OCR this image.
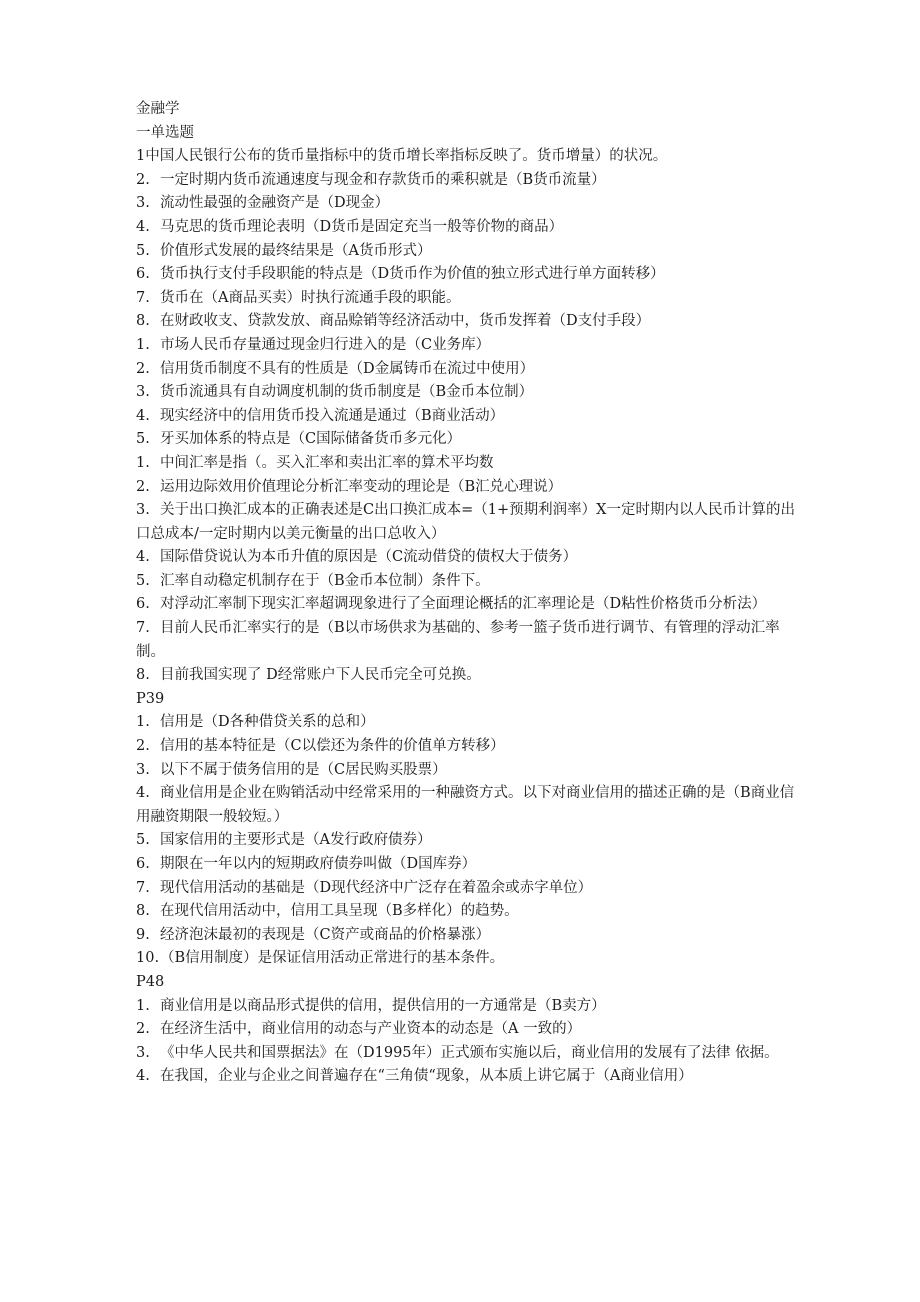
金融学

一单选题

1中国人民银行公布的货币量指标中的货币增长率指标反映了。货币增量）的状况。

2. 一定时期内货币流通速度与现金和存款货币的乘积就是（B货币流量）

3. 流动性最强的金融资产是（D现金）

4. 马克思的货币理论表明（D货币是固定充当一般等价物的商品）

5. 价值形式发展的最终结果是（A货币形式）

6. 货币执行支付手段职能的特点是（D货币作为价值的独立形式进行单方面转移）

7. 货币在（A商品买卖）时执行流通手段的职能。

8. 在财政收支、贷款发放、商品赊销等经济活动中，货币发挥着（D支付手段）

1. 市场人民币存量通过现金归行进入的是（C业务库）

2. 信用货币制度不具有的性质是（D金属铸币在流过中使用）

3. 货币流通具有自动调度机制的货币制度是（B金币本位制）

4. 现实经济中的信用货币投入流通是通过（B商业活动）

5. 牙买加体系的特点是（C国际储备货币多元化）

1. 中间汇率是指（。买入汇率和卖出汇率的算术平均数

2. 运用边际效用价值理论分析汇率变动的理论是（B汇兑心理说）

3. 关于出口换汇成本的正确表述是C出口换汇成本=（1+预期利润率）X一定时期内以人民币计算的出口总成本/一定时期内以美元衡量的出口总收入）

4. 国际借贷说认为本币升值的原因是（C流动借贷的债权大于债务）

5. 汇率自动稳定机制存在于（B金币本位制）条件下。

6. 对浮动汇率制下现实汇率超调现象进行了全面理论概括的汇率理论是（D粘性价格货币分析法）

7. 目前人民币汇率实行的是（B以市场供求为基础的、参考一篮子货币进行调节、有管理的浮动汇率制。

8. 目前我国实现了 D经常账户下人民币完全可兑换。

P39

1. 信用是（D各种借贷关系的总和）

2. 信用的基本特征是（C以偿还为条件的价值单方转移）

3. 以下不属于债务信用的是（C居民购买股票）

4. 商业信用是企业在购销活动中经常采用的一种融资方式。以下对商业信用的描述正确的是（B商业信用融资期限一般较短。）

5. 国家信用的主要形式是（A发行政府债券）

6. 期限在一年以内的短期政府债券叫做（D国库券）

7. 现代信用活动的基础是（D现代经济中广泛存在着盈余或赤字单位）

8. 在现代信用活动中，信用工具呈现（B多样化）的趋势。

9. 经济泡沫最初的表现是（C资产或商品的价格暴涨）

10.（B信用制度）是保证信用活动正常进行的基本条件。

P48

1. 商业信用是以商品形式提供的信用，提供信用的一方通常是（B卖方）

2. 在经济生活中，商业信用的动态与产业资本的动态是（A 一致的）

3. 《中华人民共和国票据法》在（D1995年）正式颁布实施以后，商业信用的发展有了法律 依据。

4. 在我国，企业与企业之间普遍存在“三角债“现象，从本质上讲它属于（A商业信用）
